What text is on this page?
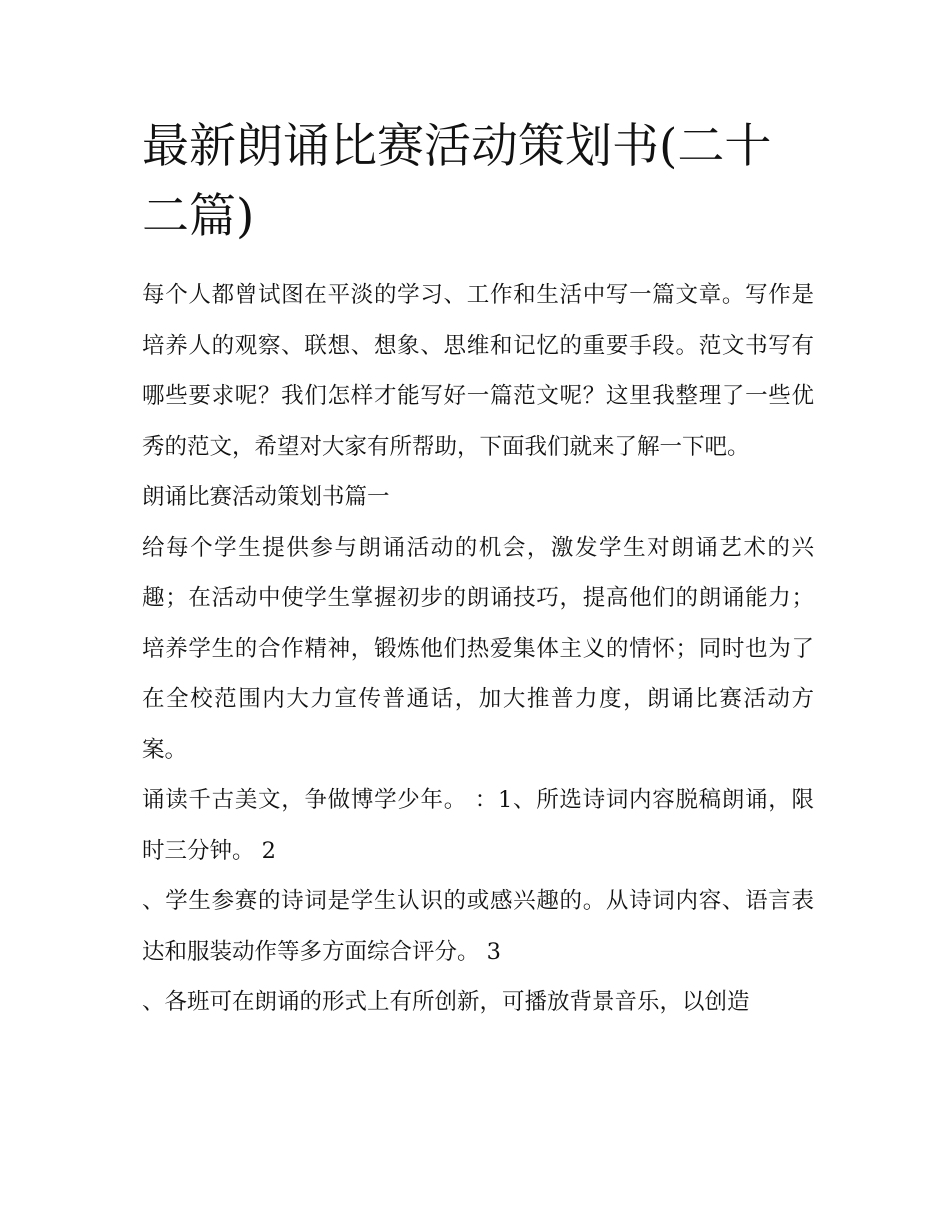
最新朗诵比赛活动策划书(二十二篇)

每个人都曾试图在平淡的学习、工作和生活中写一篇文章。写作是培养人的观察、联想、想象、思维和记忆的重要手段。范文书写有哪些要求呢？我们怎样才能写好一篇范文呢？这里我整理了一些优秀的范文，希望对大家有所帮助，下面我们就来了解一下吧。

朗诵比赛活动策划书篇一

给每个学生提供参与朗诵活动的机会，激发学生对朗诵艺术的兴趣；在活动中使学生掌握初步的朗诵技巧，提高他们的朗诵能力；培养学生的合作精神，锻炼他们热爱集体主义的情怀；同时也为了在全校范围内大力宣传普通话，加大推普力度，朗诵比赛活动方案。

诵读千古美文，争做博学少年。 ：1、所选诗词内容脱稿朗诵，限时三分钟。 2

、学生参赛的诗词是学生认识的或感兴趣的。从诗词内容、语言表达和服装动作等多方面综合评分。 3

、各班可在朗诵的形式上有所创新，可播放背景音乐，以创造
